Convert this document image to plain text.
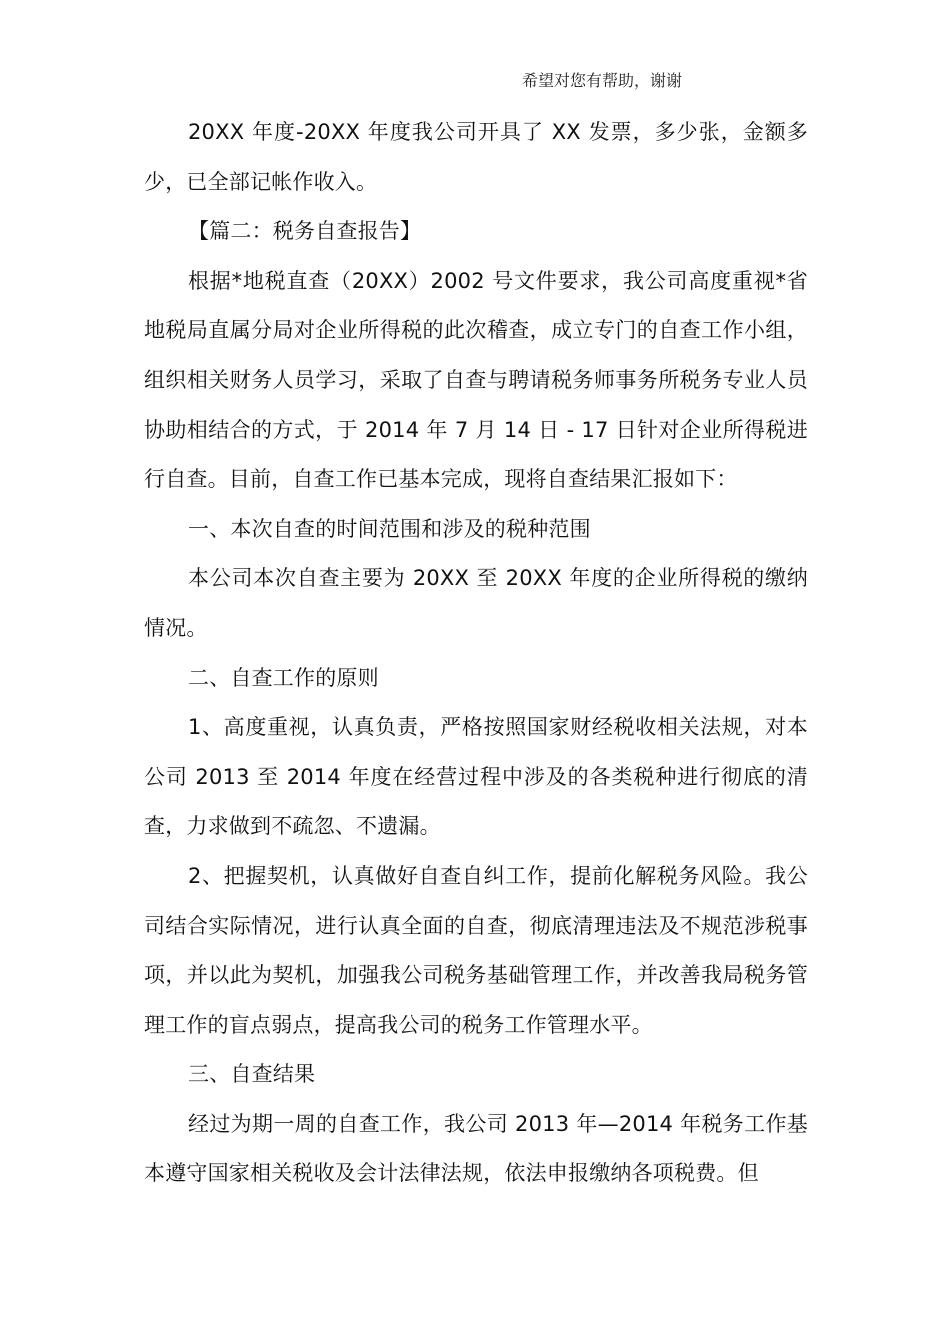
希望对您有帮助，谢谢

20XX 年度-20XX 年度我公司开具了 XX 发票，多少张，金额多少，已全部记帐作收入。

【篇二：税务自查报告】

根据*地税直查（20XX）2002 号文件要求，我公司高度重视*省地税局直属分局对企业所得税的此次稽查，成立专门的自查工作小组，组织相关财务人员学习，采取了自查与聘请税务师事务所税务专业人员协助相结合的方式，于 2014 年 7 月 14 日 - 17 日针对企业所得税进行自查。目前，自查工作已基本完成，现将自查结果汇报如下：

一、本次自查的时间范围和涉及的税种范围

本公司本次自查主要为 20XX 至 20XX 年度的企业所得税的缴纳情况。

二、自查工作的原则

1、高度重视，认真负责，严格按照国家财经税收相关法规，对本公司 2013 至 2014 年度在经营过程中涉及的各类税种进行彻底的清查，力求做到不疏忽、不遗漏。

2、把握契机，认真做好自查自纠工作，提前化解税务风险。我公司结合实际情况，进行认真全面的自查，彻底清理违法及不规范涉税事项，并以此为契机，加强我公司税务基础管理工作，并改善我局税务管理工作的盲点弱点，提高我公司的税务工作管理水平。

三、自查结果

经过为期一周的自查工作，我公司 2013 年—2014 年税务工作基本遵守国家相关税收及会计法律法规，依法申报缴纳各项税费。但
